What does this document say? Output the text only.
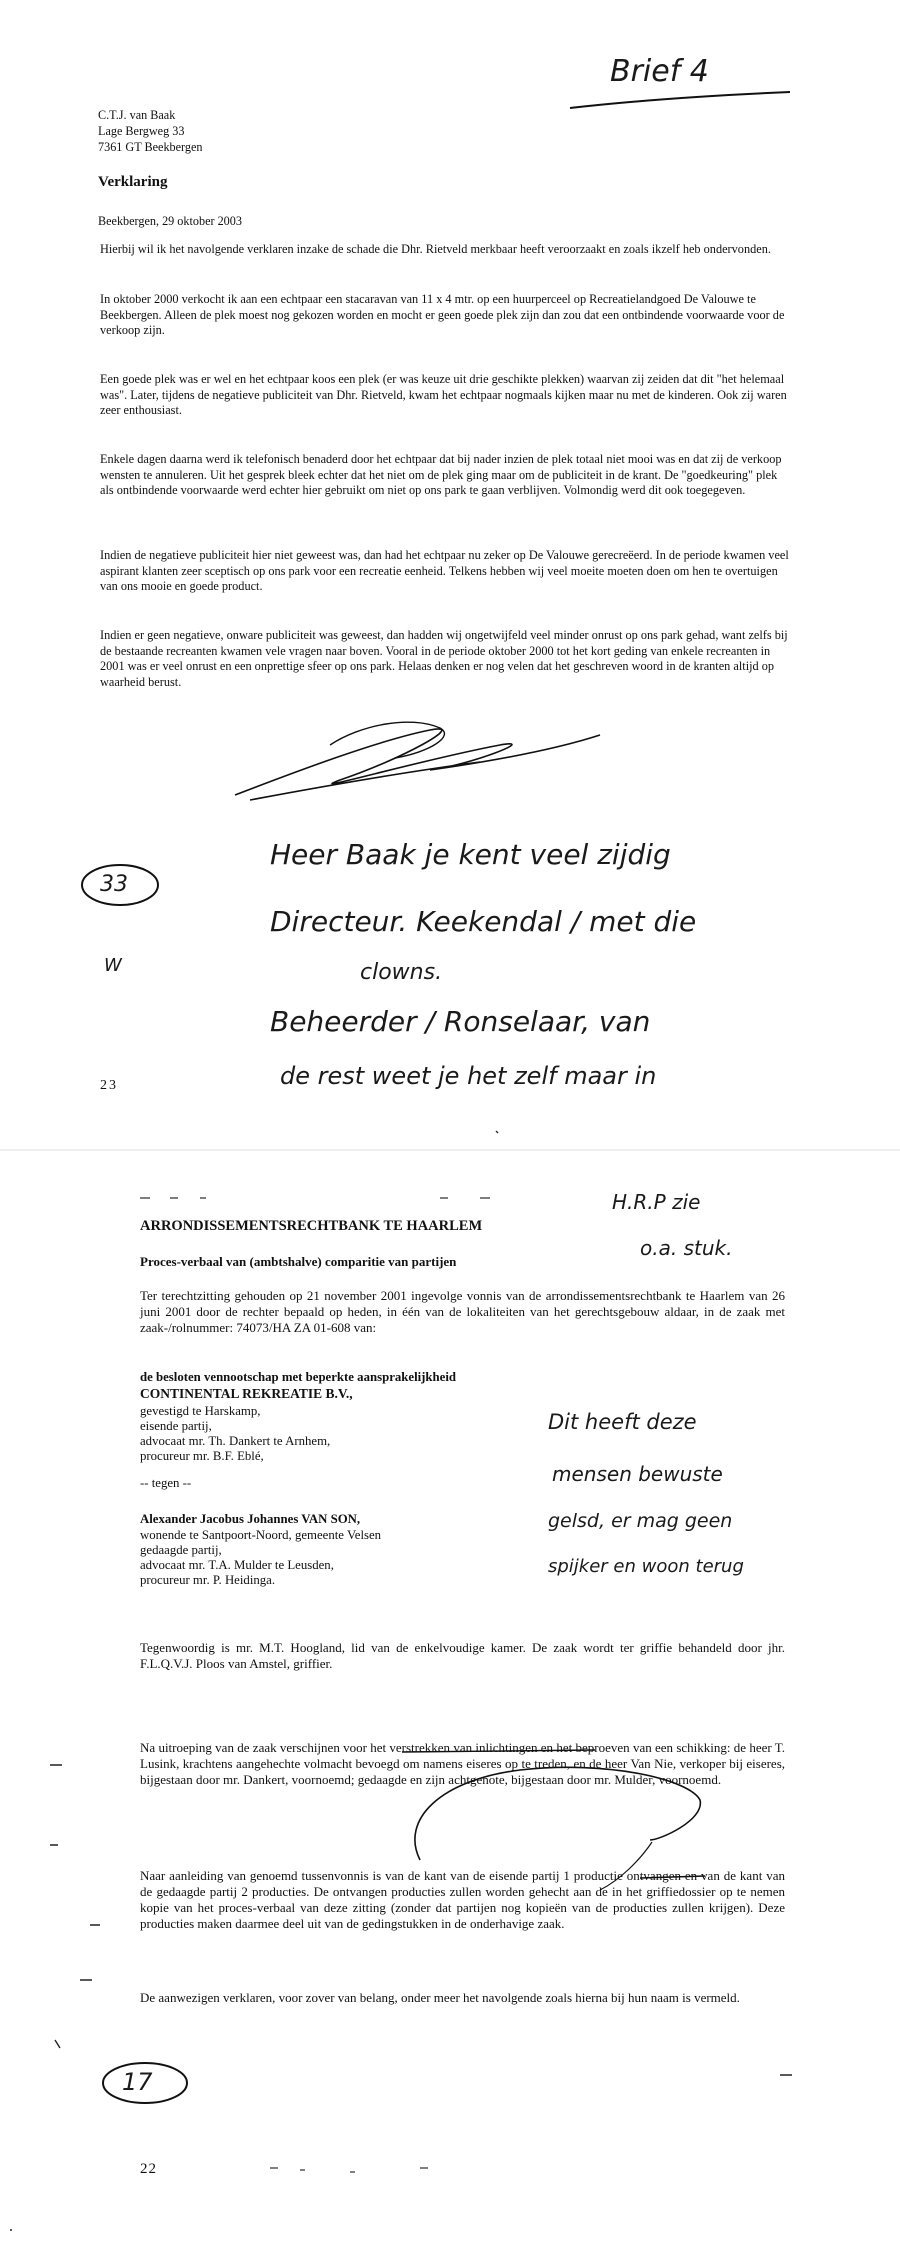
Brief 4
C.T.J. van Baak
Lage Bergweg 33
7361 GT Beekbergen
Verklaring
Beekbergen, 29 oktober 2003
Hierbij wil ik het navolgende verklaren inzake de schade die Dhr. Rietveld merkbaar heeft veroorzaakt en zoals ikzelf heb ondervonden.
In oktober 2000 verkocht ik aan een echtpaar een stacaravan van 11 x 4 mtr. op een huurperceel op Recreatielandgoed De Valouwe te Beekbergen. Alleen de plek moest nog gekozen worden en mocht er geen goede plek zijn dan zou dat een ontbindende voorwaarde voor de verkoop zijn.
Een goede plek was er wel en het echtpaar koos een plek (er was keuze uit drie geschikte plekken) waarvan zij zeiden dat dit "het helemaal was". Later, tijdens de negatieve publiciteit van Dhr. Rietveld, kwam het echtpaar nogmaals kijken maar nu met de kinderen. Ook zij waren zeer enthousiast.
Enkele dagen daarna werd ik telefonisch benaderd door het echtpaar dat bij nader inzien de plek totaal niet mooi was en dat zij de verkoop wensten te annuleren. Uit het gesprek bleek echter dat het niet om de plek ging maar om de publiciteit in de krant. De "goedkeuring" plek als ontbindende voorwaarde werd echter hier gebruikt om niet op ons park te gaan verblijven. Volmondig werd dit ook toegegeven.
Indien de negatieve publiciteit hier niet geweest was, dan had het echtpaar nu zeker op De Valouwe gerecreëerd. In de periode kwamen veel aspirant klanten zeer sceptisch op ons park voor een recreatie eenheid. Telkens hebben wij veel moeite moeten doen om hen te overtuigen van ons mooie en goede product.
Indien er geen negatieve, onware publiciteit was geweest, dan hadden wij ongetwijfeld veel minder onrust op ons park gehad, want zelfs bij de bestaande recreanten kwamen vele vragen naar boven. Vooral in de periode oktober 2000 tot het kort geding van enkele recreanten in 2001 was er veel onrust en een onprettige sfeer op ons park. Helaas denken er nog velen dat het geschreven woord in de kranten altijd op waarheid berust.
33
W
Heer Baak je kent veel zijdig
Directeur. Keekendal / met die
clowns.
Beheerder / Ronselaar, van
de rest weet je het zelf maar in
23
H.R.P zie
o.a. stuk.
ARRONDISSEMENTSRECHTBANK TE HAARLEM
Proces-verbaal van (ambtshalve) comparitie van partijen
Ter terechtzitting gehouden op 21 november 2001 ingevolge vonnis van de arrondissementsrechtbank te Haarlem van 26 juni 2001 door de rechter bepaald op heden, in één van de lokaliteiten van het gerechtsgebouw aldaar, in de zaak met zaak-/rolnummer: 74073/HA ZA 01-608 van:
de besloten vennootschap met beperkte aansprakelijkheid
CONTINENTAL REKREATIE B.V.,
gevestigd te Harskamp,
eisende partij,
advocaat mr. Th. Dankert te Arnhem,
procureur mr. B.F. Eblé,
-- tegen --
Alexander Jacobus Johannes VAN SON,
wonende te Santpoort-Noord, gemeente Velsen
gedaagde partij,
advocaat mr. T.A. Mulder te Leusden,
procureur mr. P. Heidinga.
Dit heeft deze
mensen bewuste
gelsd, er mag geen
spijker en woon terug
Tegenwoordig is mr. M.T. Hoogland, lid van de enkelvoudige kamer. De zaak wordt ter griffie behandeld door jhr. F.L.Q.V.J. Ploos van Amstel, griffier.
Na uitroeping van de zaak verschijnen voor het verstrekken van inlichtingen en het beproeven van een schikking: de heer T. Lusink, krachtens aangehechte volmacht bevoegd om namens eiseres op te treden, en de heer Van Nie, verkoper bij eiseres, bijgestaan door mr. Dankert, voornoemd; gedaagde en zijn achtgenote, bijgestaan door mr. Mulder, voornoemd.
Naar aanleiding van genoemd tussenvonnis is van de kant van de eisende partij 1 productie ontvangen en van de kant van de gedaagde partij 2 producties. De ontvangen producties zullen worden gehecht aan de in het griffiedossier op te nemen kopie van het proces-verbaal van deze zitting (zonder dat partijen nog kopieën van de producties zullen krijgen). Deze producties maken daarmee deel uit van de gedingstukken in de onderhavige zaak.
De aanwezigen verklaren, voor zover van belang, onder meer het navolgende zoals hierna bij hun naam is vermeld.
17
22
